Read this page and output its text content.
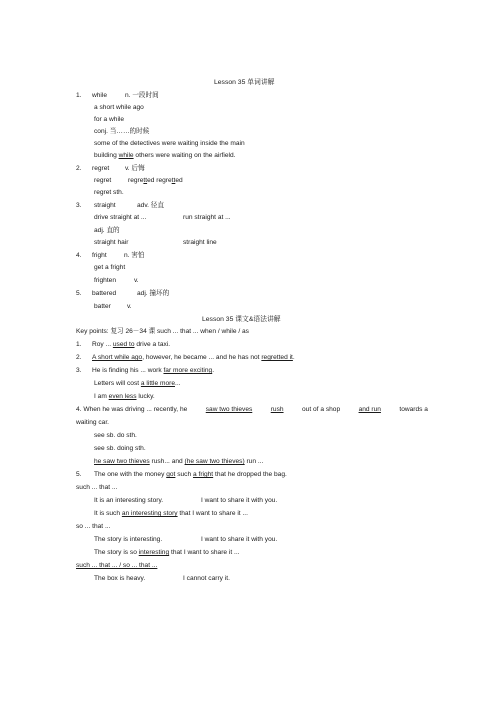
Lesson 35 单词讲解
1. while	n. 一段时间
a short while ago
for a while
conj. 当……的时候
some of the detectives were waiting inside the main
building while others were waiting on the airfield.
2. regret v. 后悔
regret	regretted regretted
regret sth.
3. straight	adv. 径直
drive straight at ...	run straight at ...
adj. 直的
straight hair	straight line
4. fright	n. 害怕
get a fright
frighten	v.
5. battered	adj. 撞坏的
batter v.
Lesson 35 课文&语法讲解
Key points: 复习 26－34 课 such ... that ... when / while / as
1. Roy ... used to drive a taxi.
2. A short while ago, however, he became ... and he has not regretted it.
3. He is finding his ... work far more exciting.
Letters will cost a little more...
I am even less lucky.
4. When he was driving ... recently, he	saw two thieves	rush	out of a shop	and run	towards a
waiting car.
see sb. do sth.
see sb. doing sth.
he saw two thieves rush... and (he saw two thieves) run ...
5. The one with the money got such a fright that he dropped the bag.
such ... that ...
It is an interesting story.	I want to share it with you.
It is such an interesting story that I want to share it ...
so ... that ...
The story is interesting.	I want to share it with you.
The story is so interesting that I want to share it ...
such ... that ... / so ... that ...
The box is heavy.	I cannot carry it.
